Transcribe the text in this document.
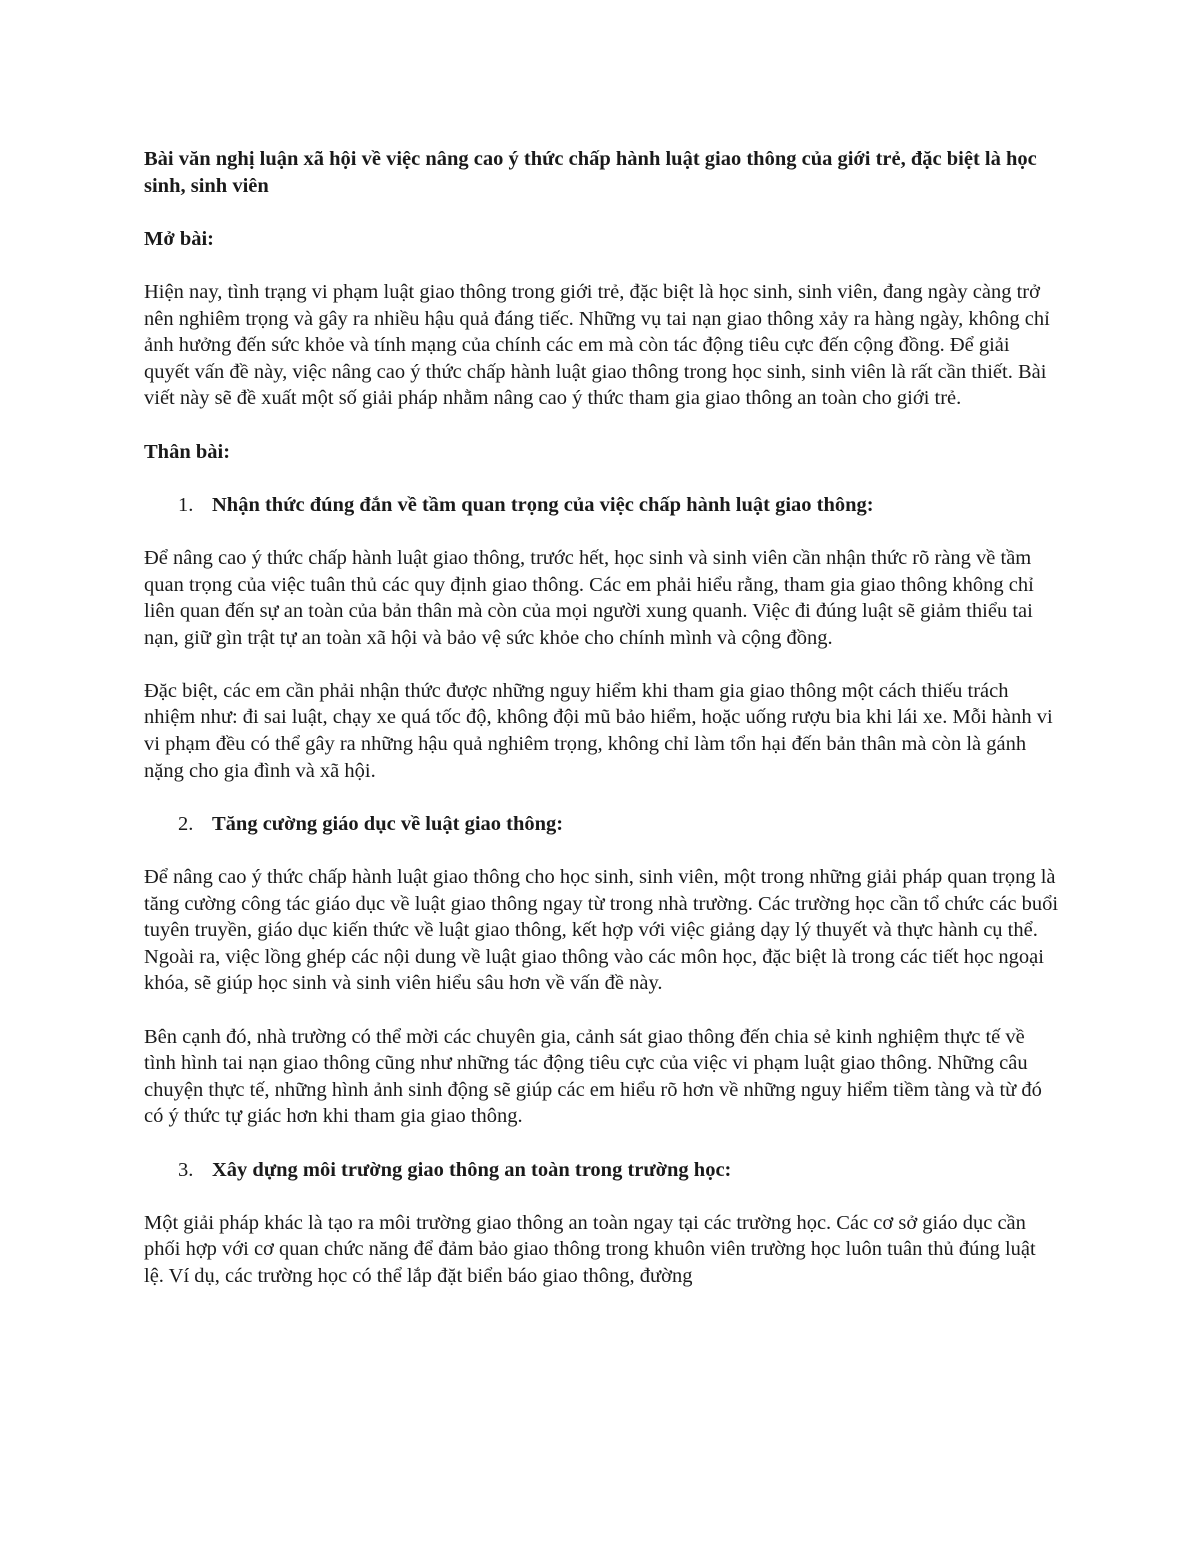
Bài văn nghị luận xã hội về việc nâng cao ý thức chấp hành luật giao thông của giới trẻ, đặc biệt là học sinh, sinh viên

Mở bài:

Hiện nay, tình trạng vi phạm luật giao thông trong giới trẻ, đặc biệt là học sinh, sinh viên, đang ngày càng trở nên nghiêm trọng và gây ra nhiều hậu quả đáng tiếc. Những vụ tai nạn giao thông xảy ra hàng ngày, không chỉ ảnh hưởng đến sức khỏe và tính mạng của chính các em mà còn tác động tiêu cực đến cộng đồng. Để giải quyết vấn đề này, việc nâng cao ý thức chấp hành luật giao thông trong học sinh, sinh viên là rất cần thiết. Bài viết này sẽ đề xuất một số giải pháp nhằm nâng cao ý thức tham gia giao thông an toàn cho giới trẻ.

Thân bài:

1. Nhận thức đúng đắn về tầm quan trọng của việc chấp hành luật giao thông:

Để nâng cao ý thức chấp hành luật giao thông, trước hết, học sinh và sinh viên cần nhận thức rõ ràng về tầm quan trọng của việc tuân thủ các quy định giao thông. Các em phải hiểu rằng, tham gia giao thông không chỉ liên quan đến sự an toàn của bản thân mà còn của mọi người xung quanh. Việc đi đúng luật sẽ giảm thiểu tai nạn, giữ gìn trật tự an toàn xã hội và bảo vệ sức khỏe cho chính mình và cộng đồng.

Đặc biệt, các em cần phải nhận thức được những nguy hiểm khi tham gia giao thông một cách thiếu trách nhiệm như: đi sai luật, chạy xe quá tốc độ, không đội mũ bảo hiểm, hoặc uống rượu bia khi lái xe. Mỗi hành vi vi phạm đều có thể gây ra những hậu quả nghiêm trọng, không chỉ làm tổn hại đến bản thân mà còn là gánh nặng cho gia đình và xã hội.

2. Tăng cường giáo dục về luật giao thông:

Để nâng cao ý thức chấp hành luật giao thông cho học sinh, sinh viên, một trong những giải pháp quan trọng là tăng cường công tác giáo dục về luật giao thông ngay từ trong nhà trường. Các trường học cần tổ chức các buổi tuyên truyền, giáo dục kiến thức về luật giao thông, kết hợp với việc giảng dạy lý thuyết và thực hành cụ thể. Ngoài ra, việc lồng ghép các nội dung về luật giao thông vào các môn học, đặc biệt là trong các tiết học ngoại khóa, sẽ giúp học sinh và sinh viên hiểu sâu hơn về vấn đề này.

Bên cạnh đó, nhà trường có thể mời các chuyên gia, cảnh sát giao thông đến chia sẻ kinh nghiệm thực tế về tình hình tai nạn giao thông cũng như những tác động tiêu cực của việc vi phạm luật giao thông. Những câu chuyện thực tế, những hình ảnh sinh động sẽ giúp các em hiểu rõ hơn về những nguy hiểm tiềm tàng và từ đó có ý thức tự giác hơn khi tham gia giao thông.

3. Xây dựng môi trường giao thông an toàn trong trường học:

Một giải pháp khác là tạo ra môi trường giao thông an toàn ngay tại các trường học. Các cơ sở giáo dục cần phối hợp với cơ quan chức năng để đảm bảo giao thông trong khuôn viên trường học luôn tuân thủ đúng luật lệ. Ví dụ, các trường học có thể lắp đặt biển báo giao thông, đường
